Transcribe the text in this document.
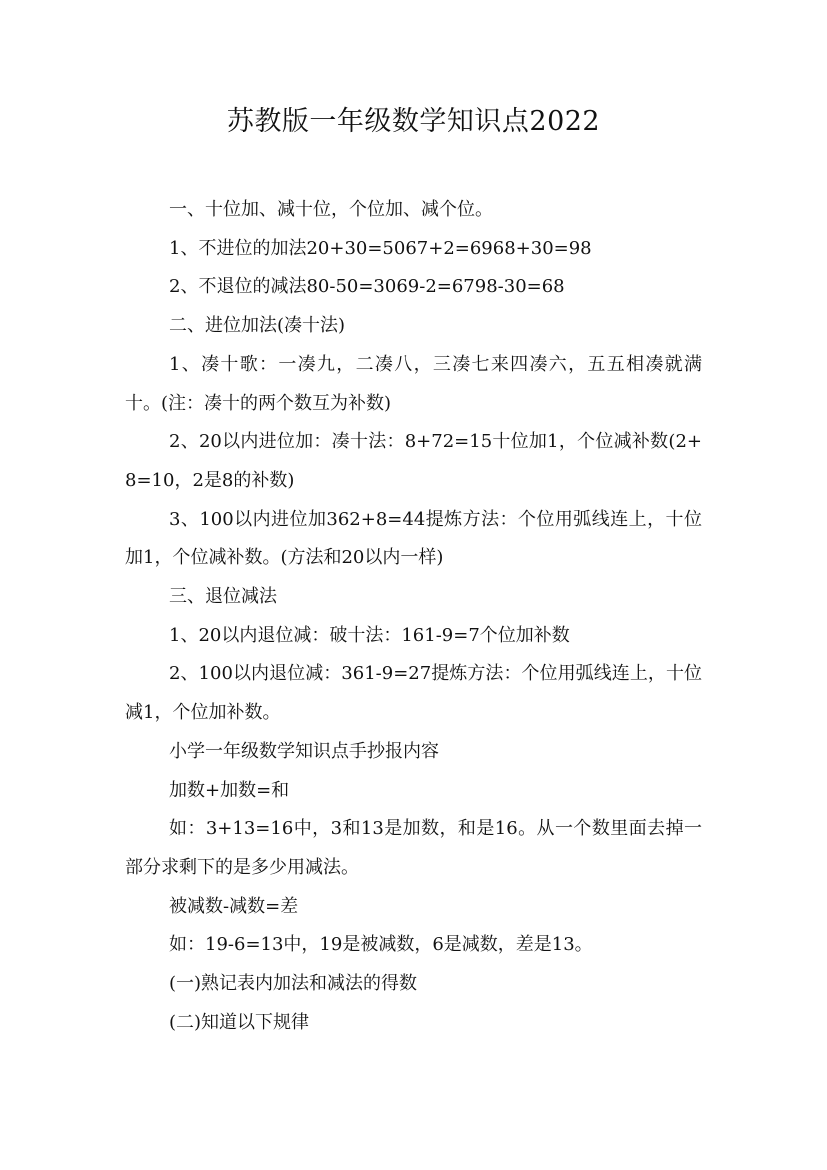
苏教版一年级数学知识点2022

一、十位加、减十位，个位加、减个位。

1、不进位的加法20+30=5067+2=6968+30=98

2、不退位的减法80-50=3069-2=6798-30=68

二、进位加法(凑十法)

1、凑十歌：一凑九，二凑八，三凑七来四凑六，五五相凑就满十。(注：凑十的两个数互为补数)

2、20以内进位加：凑十法：8+72=15十位加1，个位减补数(2+8=10，2是8的补数)

3、100以内进位加362+8=44提炼方法：个位用弧线连上，十位加1，个位减补数。(方法和20以内一样)

三、退位减法

1、20以内退位减：破十法：161-9=7个位加补数

2、100以内退位减：361-9=27提炼方法：个位用弧线连上，十位减1，个位加补数。

小学一年级数学知识点手抄报内容

加数+加数=和

如：3+13=16中，3和13是加数，和是16。从一个数里面去掉一部分求剩下的是多少用减法。

被减数-减数=差

如：19-6=13中，19是被减数，6是减数，差是13。

(一)熟记表内加法和减法的得数

(二)知道以下规律
